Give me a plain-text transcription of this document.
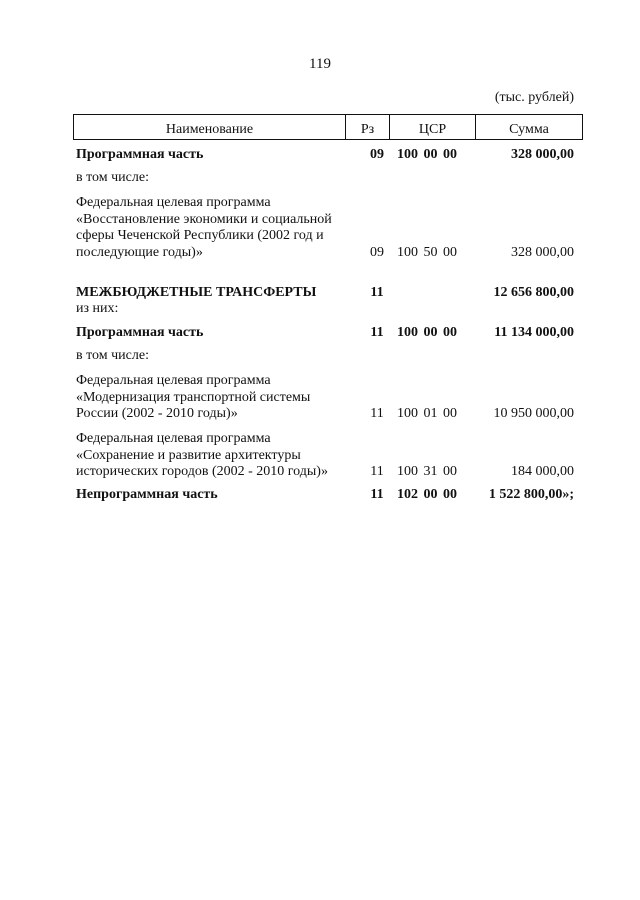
119
(тыс. рублей)
Наименование	Рз	ЦСР	Сумма
Программная часть	09 100 00 00	328 000,00
в том числе:
Федеральная целевая программа
«Восстановление экономики и социальной
сферы Чеченской Республики (2002 год и
последующие годы)»	09 100 50 00	328 000,00
МЕЖБЮДЖЕТНЫЕ ТРАНСФЕРТЫ	11	12 656 800,00
из них:
Программная часть	11 100 00 00	11 134 000,00
в том числе:
Федеральная целевая программа
«Модернизация транспортной системы
России (2002 - 2010 годы)»	11 100 01 00	10 950 000,00
Федеральная целевая программа
«Сохранение и развитие архитектуры
исторических городов (2002 - 2010 годы)»	11 100 31 00	184 000,00
Непрограммная часть	11 102 00 00	1 522 800,00»;
